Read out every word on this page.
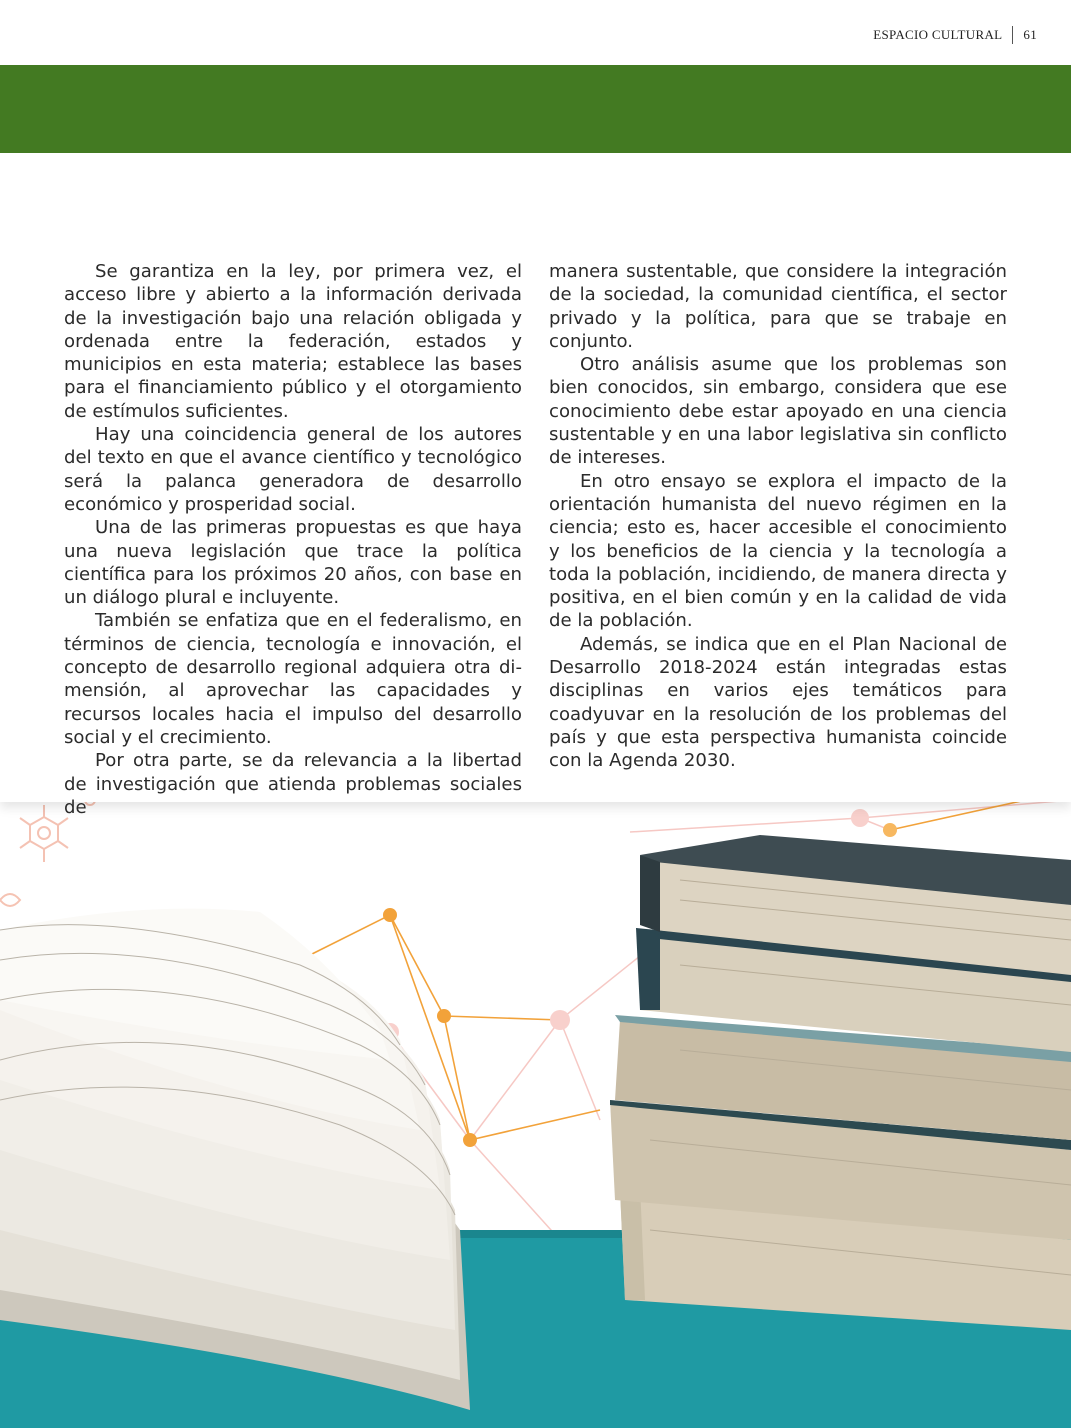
ESPACIO CULTURAL 61

Se garantiza en la ley, por primera vez, el acceso libre y abierto a la información derivada de la investigación bajo una relación obligada y ordenada entre la federación, estados y municipios en esta materia; establece las bases para el financiamiento público y el otorgamiento de estímulos suficientes.

Hay una coincidencia general de los autores del texto en que el avance científico y tecnológico será la palanca generadora de desarrollo económico y prosperidad social.

Una de las primeras propuestas es que haya una nueva legislación que trace la política científica para los próximos 20 años, con base en un diálogo plural e incluyente.

También se enfatiza que en el federalismo, en términos de ciencia, tecnología e innovación, el concepto de desarrollo regional adquiera otra dimensión, al aprovechar las capacidades y recursos locales hacia el impulso del desarrollo social y el crecimiento.

Por otra parte, se da relevancia a la libertad de investigación que atienda problemas sociales de

manera sustentable, que considere la integración de la sociedad, la comunidad científica, el sector privado y la política, para que se trabaje en conjunto.

Otro análisis asume que los problemas son bien conocidos, sin embargo, considera que ese conocimiento debe estar apoyado en una ciencia sustentable y en una labor legislativa sin conflicto de intereses.

En otro ensayo se explora el impacto de la orientación humanista del nuevo régimen en la ciencia; esto es, hacer accesible el conocimiento y los beneficios de la ciencia y la tecnología a toda la población, incidiendo, de manera directa y positiva, en el bien común y en la calidad de vida de la población.

Además, se indica que en el Plan Nacional de Desarrollo 2018-2024 están integradas estas disciplinas en varios ejes temáticos para coadyuvar en la resolución de los problemas del país y que esta perspectiva humanista coincide con la Agenda 2030.
